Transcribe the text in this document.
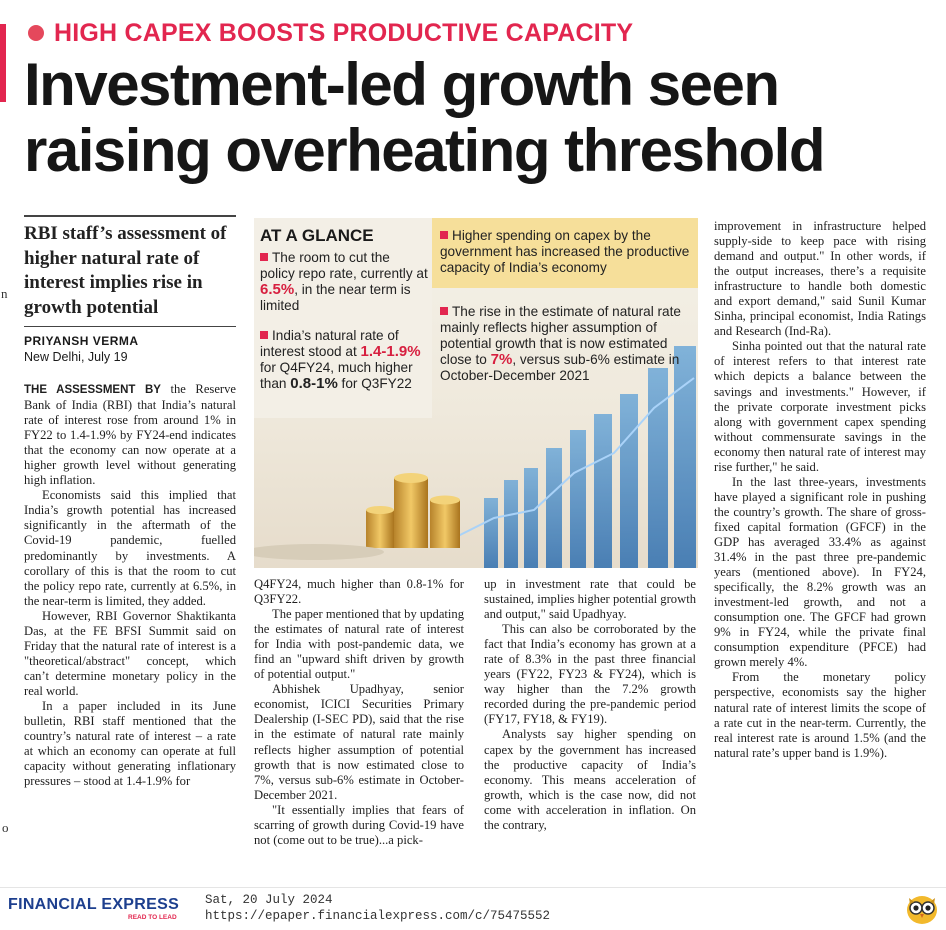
HIGH CAPEX BOOSTS PRODUCTIVE CAPACITY
Investment-led growth seen
raising overheating threshold
n
o
RBI staff’s assessment of higher natural rate of interest implies rise in growth potential
PRIYANSH VERMA
New Delhi, July 19

THE ASSESSMENT BY the Reserve Bank of India (RBI) that India’s natural rate of interest rose from around 1% in FY22 to 1.4-1.9% by FY24-end indicates that the economy can now operate at a higher growth level without generating high inflation.

Economists said this implied that India’s growth potential has increased significantly in the aftermath of the Covid-19 pandemic, fuelled predominantly by investments. A corollary of this is that the room to cut the policy repo rate, currently at 6.5%, in the near-term is limited, they added.

However, RBI Governor Shaktikanta Das, at the FE BFSI Summit said on Friday that the natural rate of interest is a "theoretical/abstract" concept, which can’t determine monetary policy in the real world.

In a paper included in its June bulletin, RBI staff mentioned that the country’s natural rate of interest – a rate at which an economy can operate at full capacity without generating inflationary pressures – stood at 1.4-1.9% for

AT A GLANCE
The room to cut the policy repo rate, currently at 6.5%, in the near term is limited
India’s natural rate of interest stood at 1.4-1.9% for Q4FY24, much higher than 0.8-1% for Q3FY22
Higher spending on capex by the government has increased the productive capacity of India’s economy
The rise in the estimate of natural rate mainly reflects higher assumption of potential growth that is now estimated close to 7%, versus sub-6% estimate in October-December 2021

Q4FY24, much higher than 0.8-1% for Q3FY22.

The paper mentioned that by updating the estimates of natural rate of interest for India with post-pandemic data, we find an "upward shift driven by growth of potential output."

Abhishek Upadhyay, senior economist, ICICI Securities Primary Dealership (I-SEC PD), said that the rise in the estimate of natural rate mainly reflects higher assumption of potential growth that is now estimated close to 7%, versus sub-6% estimate in October-December 2021.

"It essentially implies that fears of scarring of growth during Covid-19 have not (come out to be true)...a pick-

up in investment rate that could be sustained, implies higher potential growth and output," said Upadhyay.

This can also be corroborated by the fact that India’s economy has grown at a rate of 8.3% in the past three financial years (FY22, FY23 & FY24), which is way higher than the 7.2% growth recorded during the pre-pandemic period (FY17, FY18, & FY19).

Analysts say higher spending on capex by the government has increased the productive capacity of India’s economy. This means acceleration of growth, which is the case now, did not come with acceleration in inflation. On the contrary,

improvement in infrastructure helped supply-side to keep pace with rising demand and output." In other words, if the output increases, there’s a requisite infrastructure to handle both domestic and export demand," said Sunil Kumar Sinha, principal economist, India Ratings and Research (Ind-Ra).

Sinha pointed out that the natural rate of interest refers to that interest rate which depicts a balance between the savings and investments." However, if the private corporate investment picks along with government capex spending without commensurate savings in the economy then natural rate of interest may rise further," he said.

In the last three-years, investments have played a significant role in pushing the country’s growth. The share of gross-fixed capital formation (GFCF) in the GDP has averaged 33.4% as against 31.4% in the past three pre-pandemic years (mentioned above). In FY24, specifically, the 8.2% growth was an investment-led growth, and not a consumption one. The GFCF had grown 9% in FY24, while the private final consumption expenditure (PFCE) had grown merely 4%.

From the monetary policy perspective, economists say the higher natural rate of interest limits the scope of a rate cut in the near-term. Currently, the real interest rate is around 1.5% (and the natural rate’s upper band is 1.9%).

FINANCIAL EXPRESS
READ TO LEAD
Sat, 20 July 2024
https://epaper.financialexpress.com/c/75475552
